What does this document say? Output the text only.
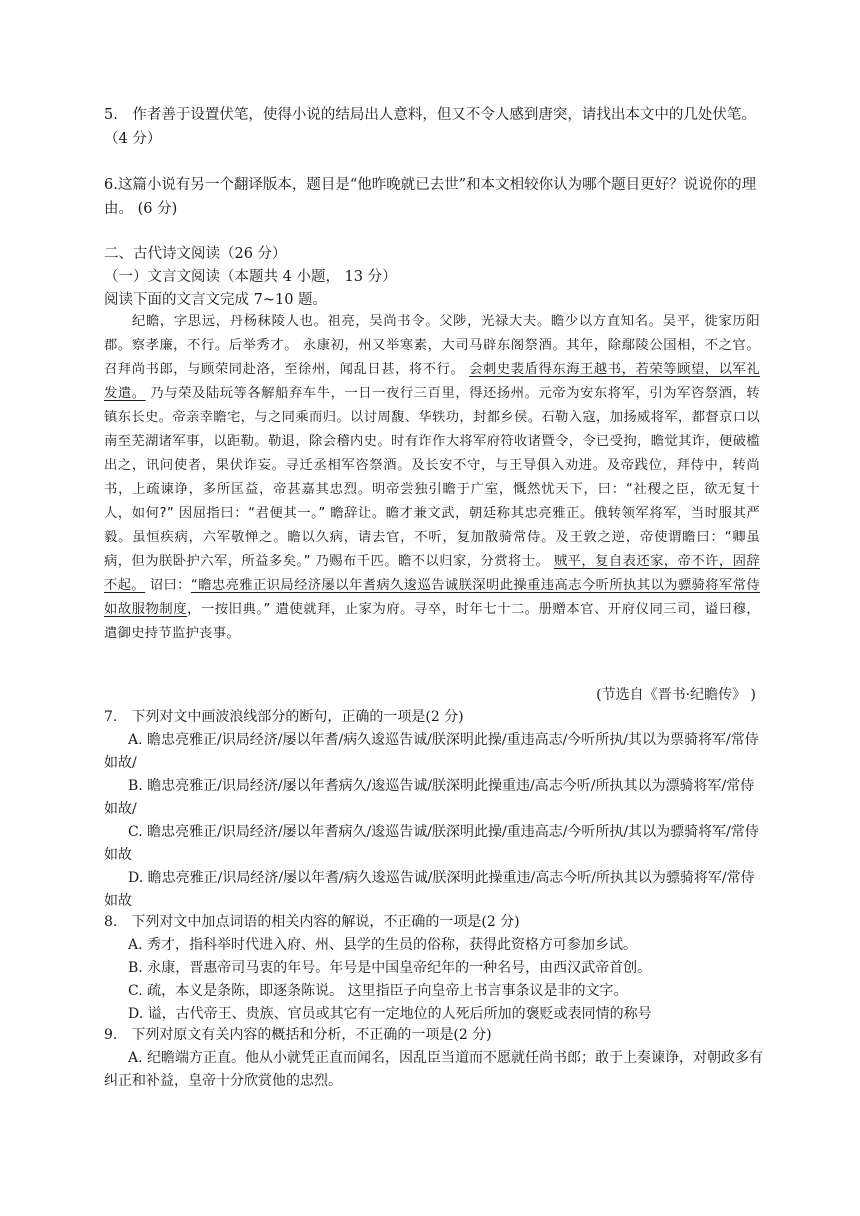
5.　作者善于设置伏笔，使得小说的结局出人意料，但又不令人感到唐突，请找出本文中的几处伏笔。（4 分）
6.这篇小说有另一个翻译版本，题目是“他昨晚就已去世”和本文相较你认为哪个题目更好？说说你的理由。 (6 分)
二、古代诗文阅读（26 分）
（一）文言文阅读（本题共 4 小题， 13 分）
阅读下面的文言文完成 7~10 题。
纪瞻，字思远，丹杨秣陵人也。祖亮，吴尚书令。父陟，光禄大夫。瞻少以方直知名。吴平，徙家历阳郡。察孝廉，不行。后举秀才。 永康初，州又举寒素，大司马辟东阁祭酒。其年，除鄢陵公国相，不之官。召拜尚书郎，与顾荣同赴洛，至徐州，闻乱日甚，将不行。 会刺史裴盾得东海王越书，若荣等顾望，以军礼发遣。 乃与荣及陆玩等各解船弃车牛，一日一夜行三百里，得还扬州。元帝为安东将军，引为军咨祭酒，转镇东长史。帝亲幸瞻宅，与之同乘而归。以讨周馥、华轶功，封都乡侯。石勒入寇，加扬威将军，都督京口以南至芜湖诸军事，以距勒。勒退，除会稽内史。时有诈作大将军府符收诸暨令，令已受拘，瞻觉其诈，便破槛出之，讯问使者，果伏诈妄。寻迁丞相军咨祭酒。及长安不守，与王导俱入劝进。及帝践位，拜侍中，转尚书，上疏谏诤，多所匡益，帝甚嘉其忠烈。明帝尝独引瞻于广室，慨然忧天下，曰：“社稷之臣，欲无复十人，如何?” 因屈指曰：“君便其一。” 瞻辞让。瞻才兼文武，朝廷称其忠亮雅正。俄转领军将军，当时服其严毅。虽恒疾病，六军敬惮之。瞻以久病，请去官，不听，复加散骑常侍。及王敦之逆，帝使谓瞻曰：“卿虽病，但为朕卧护六军，所益多矣。” 乃赐布千匹。瞻不以归家，分赏将士。 贼平，复自表还家，帝不许，固辞不起。 诏曰：“瞻忠亮雅正识局经济屡以年耆病久逡巡告诚朕深明此操重违高志今听所执其以为骠骑将军常侍如故服物制度，一按旧典。” 遣使就拜，止家为府。寻卒，时年七十二。册赠本官、开府仪同三司，谥曰穆，遣御史持节监护丧事。
(节选自《晋书·纪瞻传》 )
7.　下列对文中画波浪线部分的断句，正确的一项是(2 分)
A. 瞻忠亮雅正/识局经济/屡以年耆/病久逡巡告诚/朕深明此操/重违高志/今听所执/其以为票骑将军/常侍如故/
B. 瞻忠亮雅正/识局经济/屡以年耆病久/逡巡告诚/朕深明此操重违/高志今听/所执其以为漂骑将军/常侍如故/
C. 瞻忠亮雅正/识局经济/屡以年耆病久/逡巡告诚/朕深明此操/重违高志/今听所执/其以为骠骑将军/常侍如故
D. 瞻忠亮雅正/识局经济/屡以年耆/病久逡巡告诚/朕深明此操重违/高志今听/所执其以为骠骑将军/常侍如故
8.　下列对文中加点词语的相关内容的解说，不正确的一项是(2 分)
A. 秀才，指科举时代进入府、州、县学的生员的俗称，获得此资格方可参加乡试。
B. 永康，晋惠帝司马衷的年号。年号是中国皇帝纪年的一种名号，由西汉武帝首创。
C. 疏，本义是条陈，即逐条陈说。 这里指臣子向皇帝上书言事条议是非的文字。
D. 谥，古代帝王、贵族、官员或其它有一定地位的人死后所加的褒贬或表同情的称号
9.　下列对原文有关内容的概括和分析，不正确的一项是(2 分)
A. 纪瞻端方正直。他从小就凭正直而闻名，因乱臣当道而不愿就任尚书郎；敢于上奏谏诤，对朝政多有纠正和补益，皇帝十分欣赏他的忠烈。
